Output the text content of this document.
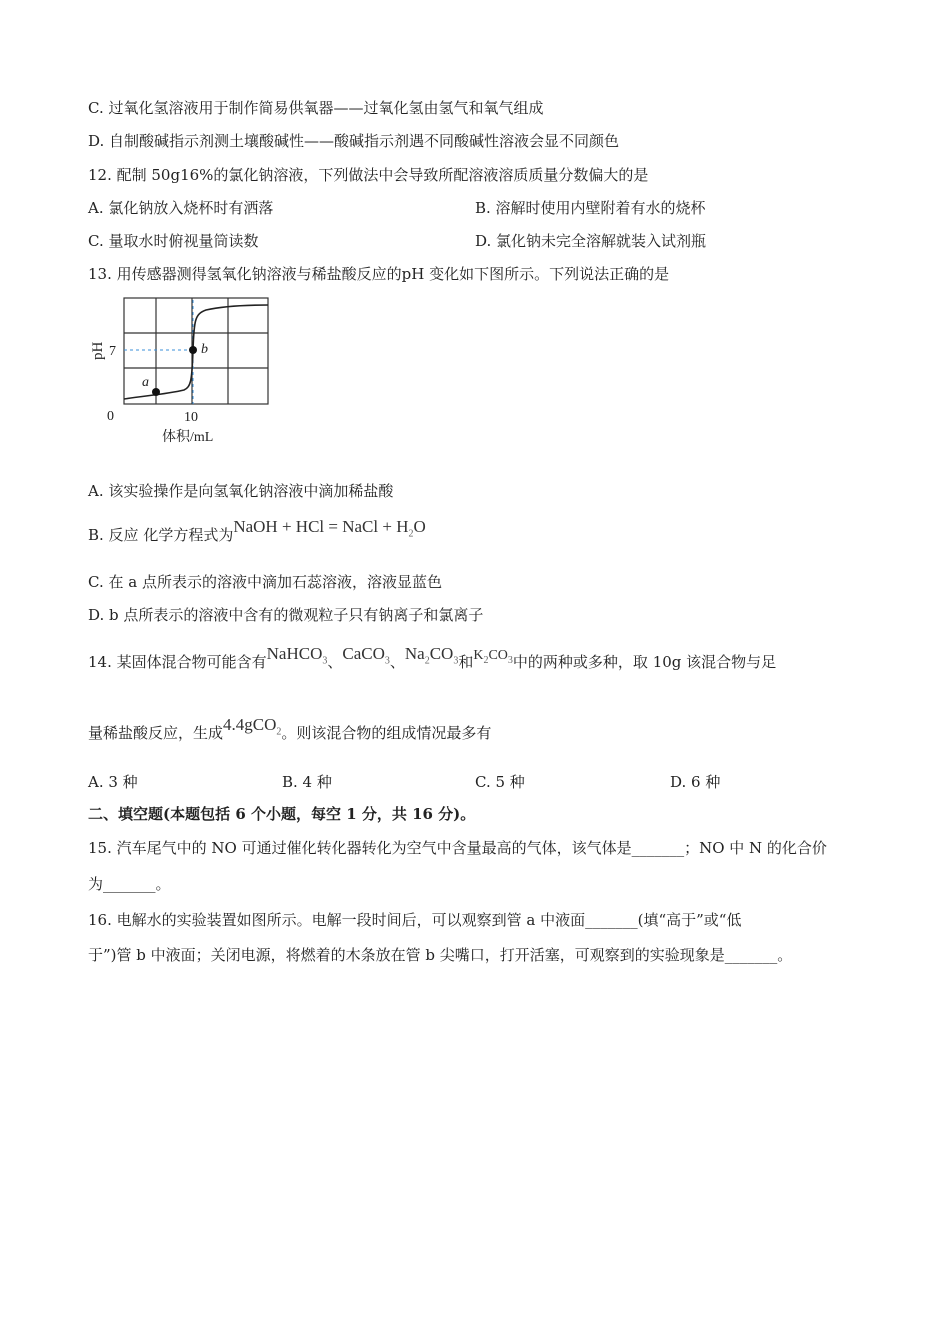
C. 过氧化氢溶液用于制作简易供氧器——过氧化氢由氢气和氧气组成
D. 自制酸碱指示剂测土壤酸碱性——酸碱指示剂遇不同酸碱性溶液会显不同颜色
12. 配制 50g16%的氯化钠溶液，下列做法中会导致所配溶液溶质质量分数偏大的是
A. 氯化钠放入烧杯时有洒落	B. 溶解时使用内壁附着有水的烧杯
C. 量取水时俯视量筒读数	D. 氯化钠未完全溶解就装入试剂瓶
13. 用传感器测得氢氧化钠溶液与稀盐酸反应的pH 变化如下图所示。下列说法正确的是
a
b
pH 7
0	10
体积/mL
A. 该实验操作是向氢氧化钠溶液中滴加稀盐酸
B. 反应 化学方程式为NaOH + HCl = NaCl + $H_2O$
C. 在 a 点所表示的溶液中滴加石蕊溶液，溶液显蓝色
D. b 点所表示的溶液中含有的微观粒子只有钠离子和氯离子
14. 某固体混合物可能含有NaHCO$_3$、CaCO$_3$、$Na_2CO_3$和$K_2CO_3$中的两种或多种，取 10g 该混合物与足
量稀盐酸反应，生成4.4gCO$_2$。则该混合物的组成情况最多有
A. 3 种	B. 4 种	C. 5 种	D. 6 种
二、填空题(本题包括 6 个小题，每空 1 分，共 16 分)。
15. 汽车尾气中的 NO 可通过催化转化器转化为空气中含量最高的气体，该气体是_______；NO 中 N 的化合价
为_______。
16. 电解水的实验装置如图所示。电解一段时间后，可以观察到管 a 中液面_______(填“高于”或“低
于”)管 b 中液面；关闭电源，将燃着的木条放在管 b 尖嘴口，打开活塞，可观察到的实验现象是_______。
